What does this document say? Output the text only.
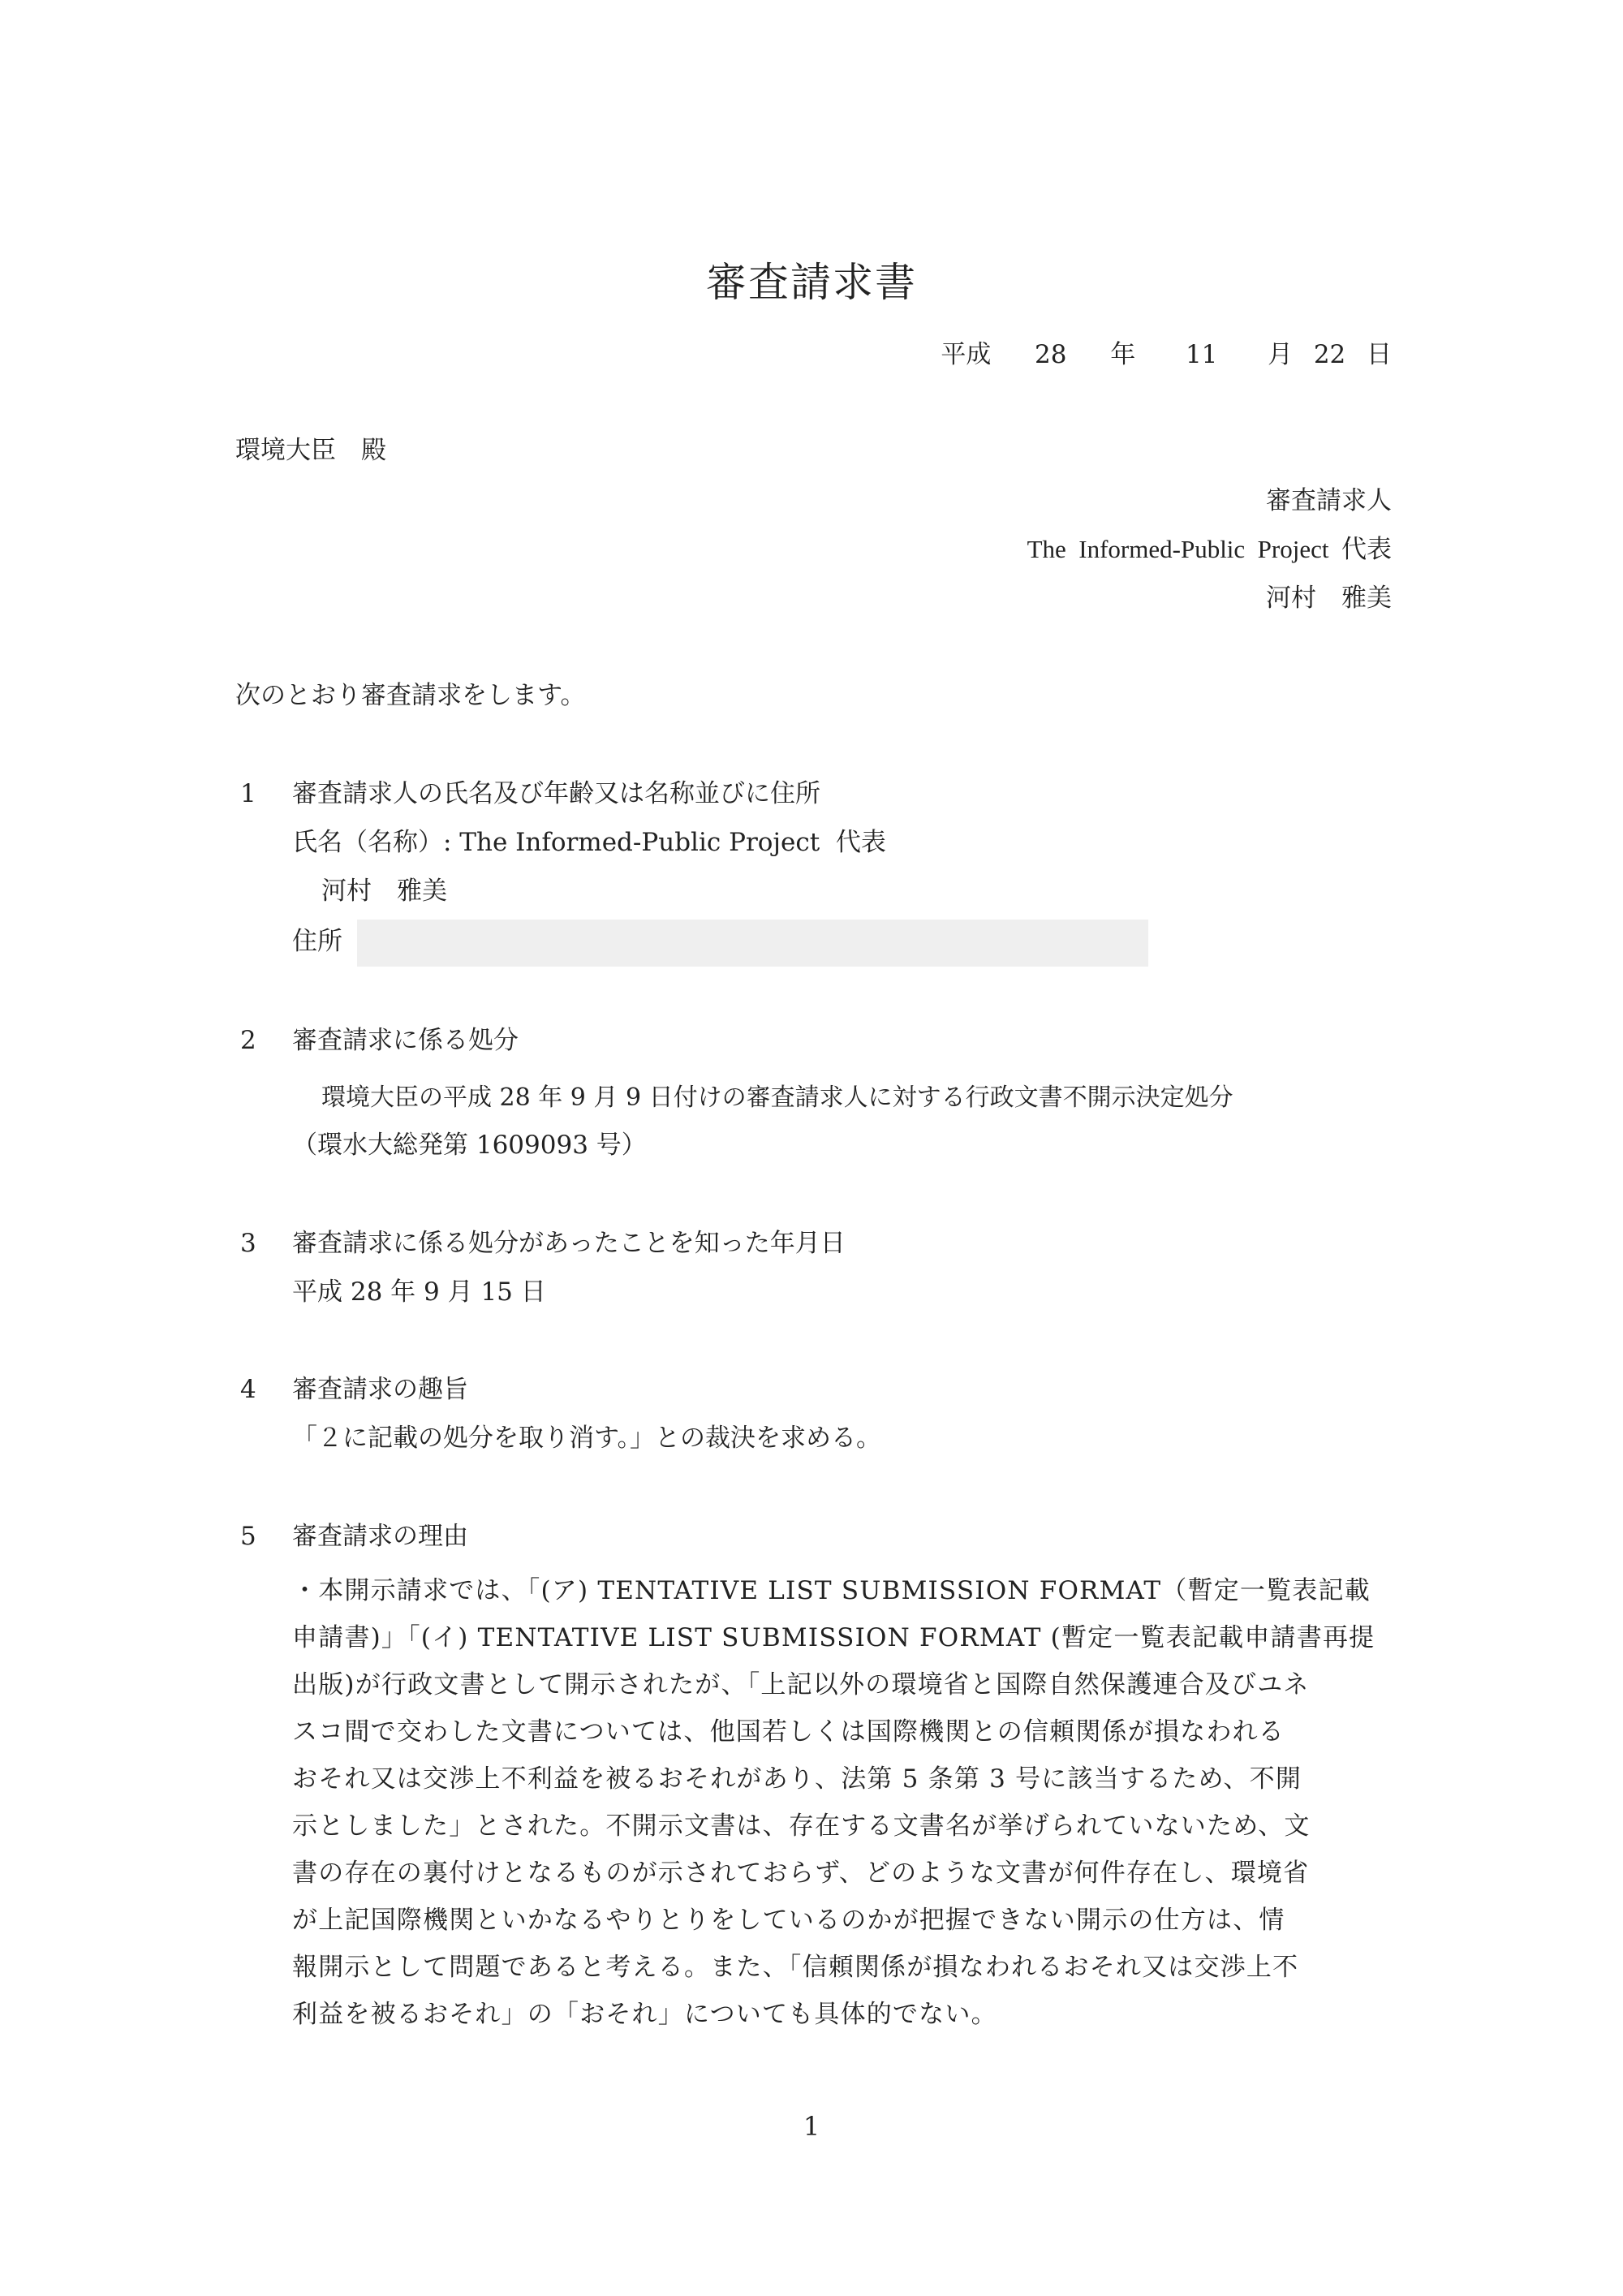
審査請求書
平成 28 年 11 月 22 日
環境大臣　殿
審査請求人
The  Informed-Public  Project  代表
河村　雅美
次のとおり審査請求をします。
1 審査請求人の氏名及び年齢又は名称並びに住所
氏名（名称）: The Informed-Public Project  代表
河村　雅美
住所
2 審査請求に係る処分
環境大臣の平成 28 年 9 月 9 日付けの審査請求人に対する行政文書不開示決定処分
（環水大総発第 1609093 号）
3 審査請求に係る処分があったことを知った年月日
平成 28 年 9 月 15 日
4 審査請求の趣旨
「２に記載の処分を取り消す。」との裁決を求める。
5 審査請求の理由
・本開示請求では、「(ア) TENTATIVE LIST SUBMISSION FORMAT（暫定一覧表記載
申請書)」「(イ) TENTATIVE LIST SUBMISSION FORMAT (暫定一覧表記載申請書再提
出版)が行政文書として開示されたが、「上記以外の環境省と国際自然保護連合及びユネ
スコ間で交わした文書については、他国若しくは国際機関との信頼関係が損なわれる
おそれ又は交渉上不利益を被るおそれがあり、法第 5 条第 3 号に該当するため、不開
示としました」とされた。不開示文書は、存在する文書名が挙げられていないため、文
書の存在の裏付けとなるものが示されておらず、どのような文書が何件存在し、環境省
が上記国際機関といかなるやりとりをしているのかが把握できない開示の仕方は、情
報開示として問題であると考える。また、「信頼関係が損なわれるおそれ又は交渉上不
利益を被るおそれ」の「おそれ」についても具体的でない。
1
